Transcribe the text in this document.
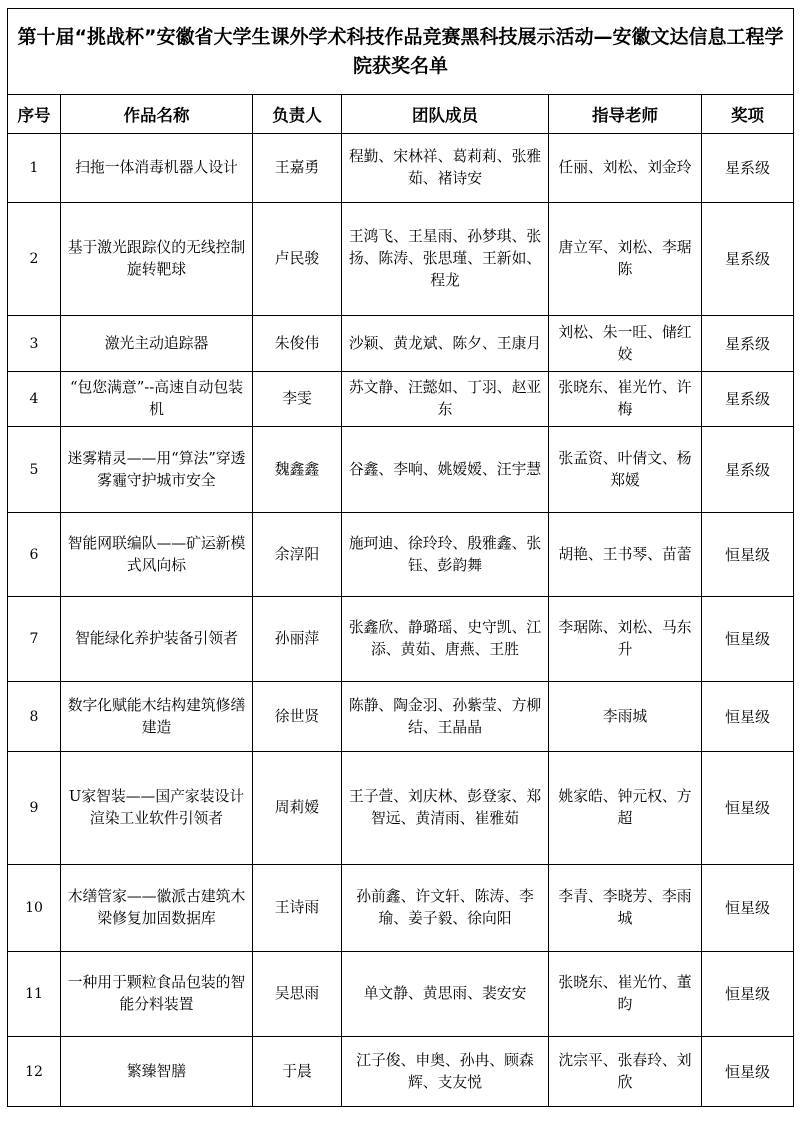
第十届“挑战杯”安徽省大学生课外学术科技作品竞赛黑科技展示活动—安徽文达信息工程学院获奖名单					
序号	作品名称	负责人	团队成员	指导老师	奖项
1	扫拖一体消毒机器人设计	王嘉勇	程勤、宋林祥、葛莉莉、张雅茹、褚诗安	任丽、刘松、刘金玲	星系级
2	基于激光跟踪仪的无线控制旋转靶球	卢民骏	王鸿飞、王星雨、孙梦琪、张扬、陈涛、张思瑾、王新如、程龙	唐立军、刘松、李琚陈	星系级
3	激光主动追踪器	朱俊伟	沙颖、黄龙斌、陈夕、王康月	刘松、朱一旺、储红姣	星系级
4	“包您满意”--高速自动包装机	李雯	苏文静、汪懿如、丁羽、赵亚东	张晓东、崔光竹、许梅	星系级
5	迷雾精灵——用“算法”穿透雾霾守护城市安全	魏鑫鑫	谷鑫、李响、姚嫒嫒、汪宇慧	张孟资、叶倩文、杨郑媛	星系级
6	智能网联编队——矿运新模式风向标	余淳阳	施珂迪、徐玲玲、殷雅鑫、张钰、彭韵舞	胡艳、王书琴、苗蕾	恒星级
7	智能绿化养护装备引领者	孙丽萍	张鑫欣、静璐瑶、史守凯、江添、黄茹、唐燕、王胜	李琚陈、刘松、马东升	恒星级
8	数字化赋能木结构建筑修缮建造	徐世贤	陈静、陶金羽、孙紫莹、方柳结、王晶晶	李雨城	恒星级
9	U家智装——国产家装设计渲染工业软件引领者	周莉嫒	王子萱、刘庆林、彭登家、郑智远、黄清雨、崔雅茹	姚家皓、钟元权、方超	恒星级
10	木缮管家——徽派古建筑木梁修复加固数据库	王诗雨	孙前鑫、许文轩、陈涛、李瑜、姜子毅、徐向阳	李青、李晓芳、李雨城	恒星级
11	一种用于颗粒食品包装的智能分料装置	吴思雨	单文静、黄思雨、裴安安	张晓东、崔光竹、董昀	恒星级
12	繁臻智膳	于晨	江子俊、申奥、孙冉、顾森辉、支友悦	沈宗平、张春玲、刘欣	恒星级
